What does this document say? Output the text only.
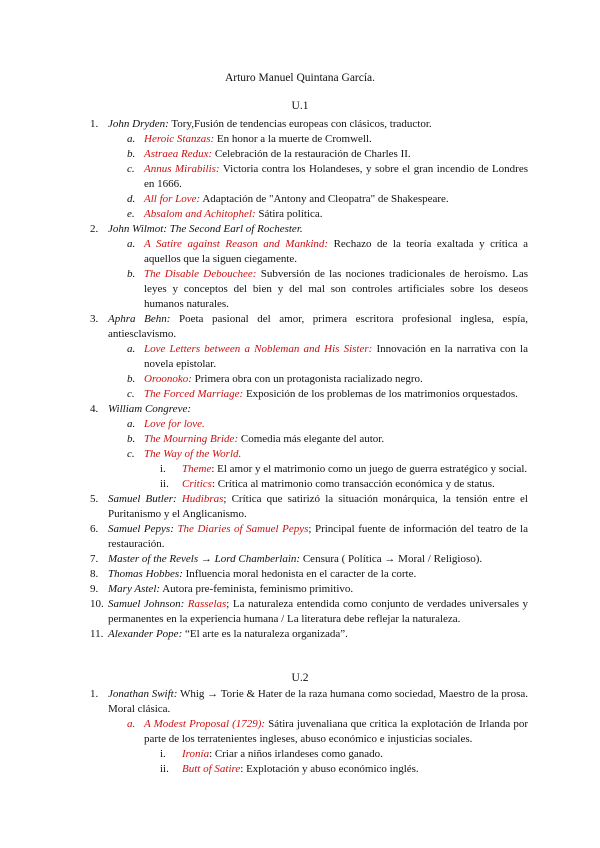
Arturo Manuel Quintana García.
U.1
1. John Dryden: Tory,Fusión de tendencias europeas con clásicos, traductor.
a. Heroic Stanzas: En honor a la muerte de Cromwell.
b. Astraea Redux: Celebración de la restauración de Charles II.
c. Annus Mirabilis: Victoria contra los Holandeses, y sobre el gran incendio de Londres en 1666.
d. All for Love: Adaptación de "Antony and Cleopatra" de Shakespeare.
e. Absalom and Achitophel: Sátira política.
2. John Wilmot: The Second Earl of Rochester.
a. A Satire against Reason and Mankind: Rechazo de la teoría exaltada y crítica a aquellos que la siguen ciegamente.
b. The Disable Debouchee: Subversión de las nociones tradicionales de heroísmo. Las leyes y conceptos del bien y del mal son controles artificiales sobre los deseos humanos naturales.
3. Aphra Behn: Poeta pasional del amor, primera escritora profesional inglesa, espía, antiesclavismo.
a. Love Letters between a Nobleman and His Sister: Innovación en la narrativa con la novela epistolar.
b. Oroonoko: Primera obra con un protagonista racializado negro.
c. The Forced Marriage: Exposición de los problemas de los matrimonios orquestados.
4. William Congreve:
a. Love for love.
b. The Mourning Bride: Comedia más elegante del autor.
c. The Way of the World.
i. Theme: El amor y el matrimonio como un juego de guerra estratégico y social.
ii. Critics: Crítica al matrimonio como transacción económica y de status.
5. Samuel Butler: Hudibras; Crítica que satirizó la situación monárquica, la tensión entre el Puritanismo y el Anglicanismo.
6. Samuel Pepys: The Diaries of Samuel Pepys; Principal fuente de información del teatro de la restauración.
7. Master of the Revels → Lord Chamberlain: Censura ( Política → Moral / Religioso).
8. Thomas Hobbes: Influencia moral hedonista en el caracter de la corte.
9. Mary Astel: Autora pre-feminista, feminismo primitivo.
10. Samuel Johnson: Rasselas; La naturaleza entendida como conjunto de verdades universales y permanentes en la experiencia humana / La literatura debe reflejar la naturaleza.
11. Alexander Pope: “El arte es la naturaleza organizada”.
U.2
1. Jonathan Swift: Whig → Torie & Hater de la raza humana como sociedad, Maestro de la prosa. Moral clásica.
a. A Modest Proposal (1729): Sátira juvenaliana que critica la explotación de Irlanda por parte de los terratenientes ingleses, abuso económico e injusticias sociales.
i. Ironía: Criar a niños irlandeses como ganado.
ii. Butt of Satire: Explotación y abuso económico inglés.
